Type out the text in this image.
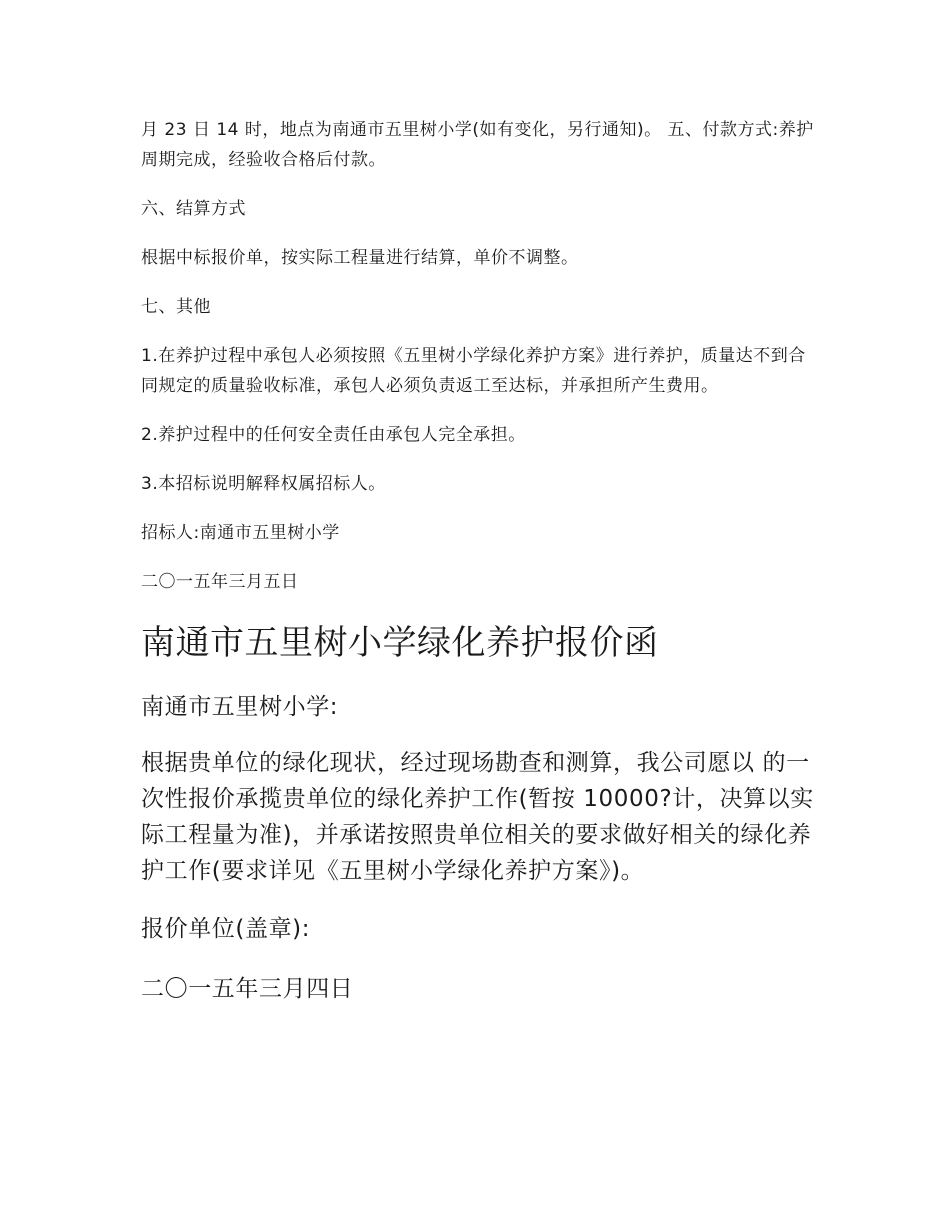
月 23 日 14 时，地点为南通市五里树小学(如有变化，另行通知)。 五、付款方式:养护周期完成，经验收合格后付款。

六、结算方式

根据中标报价单，按实际工程量进行结算，单价不调整。

七、其他

1.在养护过程中承包人必须按照《五里树小学绿化养护方案》进行养护，质量达不到合同规定的质量验收标准，承包人必须负责返工至达标，并承担所产生费用。

2.养护过程中的任何安全责任由承包人完全承担。

3.本招标说明解释权属招标人。

招标人:南通市五里树小学

二〇一五年三月五日

南通市五里树小学绿化养护报价函

南通市五里树小学:

根据贵单位的绿化现状，经过现场勘查和测算，我公司愿以 的一次性报价承揽贵单位的绿化养护工作(暂按 10000?计，决算以实际工程量为准)，并承诺按照贵单位相关的要求做好相关的绿化养护工作(要求详见《五里树小学绿化养护方案》)。

报价单位(盖章):

二〇一五年三月四日
